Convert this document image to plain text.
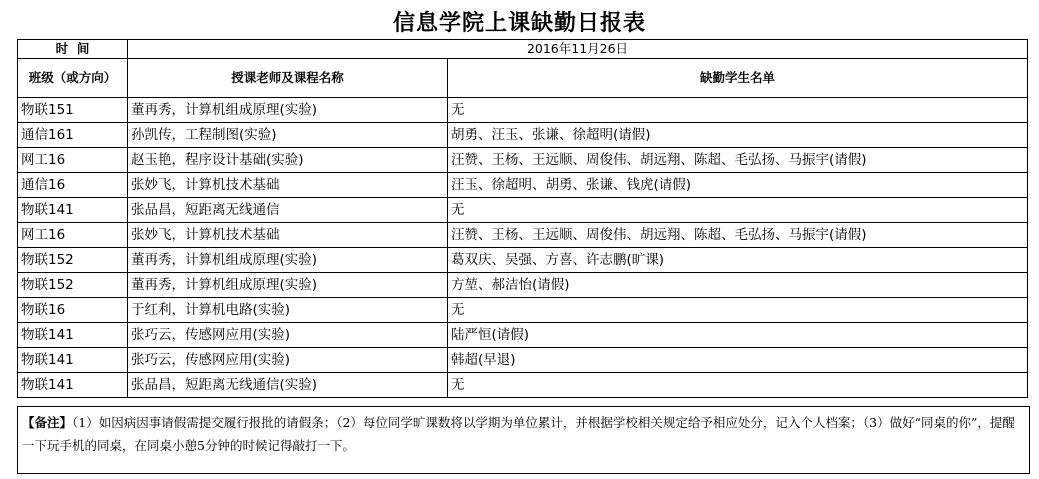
信息学院上课缺勤日报表
时  间	2016年11月26日	
班级（或方向）	授课老师及课程名称	缺勤学生名单
物联151	董再秀，计算机组成原理(实验)	无
通信161	孙凯传，工程制图(实验)	胡勇、汪玉、张谦、徐超明(请假)
网工16	赵玉艳，程序设计基础(实验)	汪赞、王杨、王远顺、周俊伟、胡远翔、陈超、毛弘扬、马振宇(请假)
通信16	张妙飞，计算机技术基础	汪玉、徐超明、胡勇、张谦、钱虎(请假)
物联141	张品昌，短距离无线通信	无
网工16	张妙飞，计算机技术基础	汪赞、王杨、王远顺、周俊伟、胡远翔、陈超、毛弘扬、马振宇(请假)
物联152	董再秀，计算机组成原理(实验)	葛双庆、吴强、方喜、许志鹏(旷课)
物联152	董再秀，计算机组成原理(实验)	方堃、郝洁怡(请假)
物联16	于红利，计算机电路(实验)	无
物联141	张巧云，传感网应用(实验)	陆严恒(请假)
物联141	张巧云，传感网应用(实验)	韩超(早退)
物联141	张品昌，短距离无线通信(实验)	无
【备注】（1）如因病因事请假需提交履行报批的请假条；（2）每位同学旷课数将以学期为单位累计，并根据学校相关规定给予相应处分，记入个人档案；（3）做好“同桌的你”，提醒一下玩手机的同桌，在同桌小憩5分钟的时候记得敲打一下。
